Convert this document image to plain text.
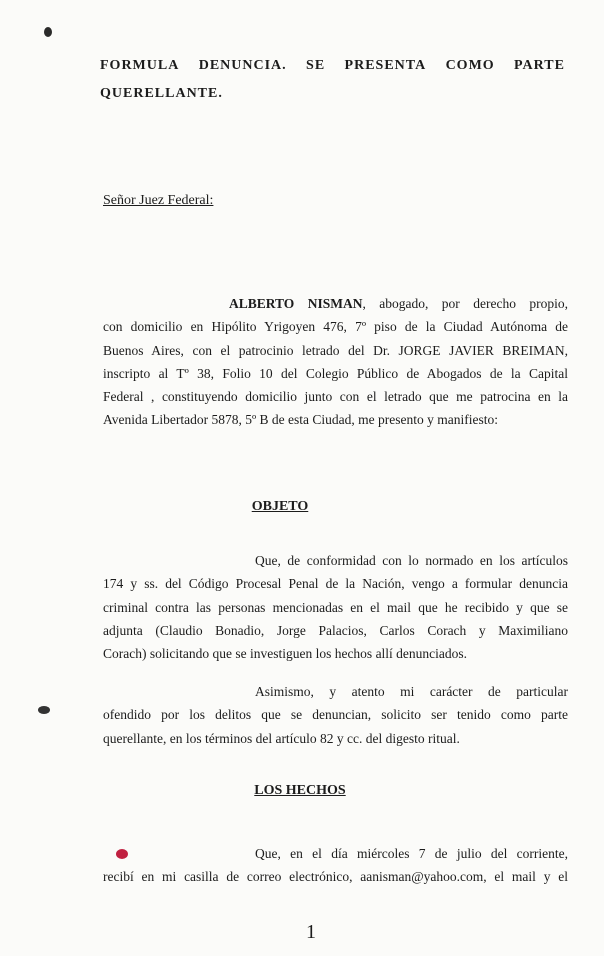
FORMULA DENUNCIA. SE PRESENTA COMO PARTE
QUERELLANTE.
Señor Juez Federal:
ALBERTO NISMAN, abogado, por derecho propio,
con domicilio en Hipólito Yrigoyen 476, 7º piso de la Ciudad Autónoma de
Buenos Aires, con el patrocinio letrado del Dr. JORGE JAVIER BREIMAN,
inscripto al Tº 38, Folio 10 del Colegio Público de Abogados de la Capital
Federal , constituyendo domicilio junto con el letrado que me patrocina en la
Avenida Libertador 5878, 5º B de esta Ciudad, me presento y manifiesto:
OBJETO
Que, de conformidad con lo normado en los artículos
174 y ss. del Código Procesal Penal de la Nación, vengo a formular denuncia
criminal contra las personas mencionadas en el mail que he recibido y que se
adjunta (Claudio Bonadio, Jorge Palacios, Carlos Corach y Maximiliano
Corach) solicitando que se investiguen los hechos allí denunciados.
Asimismo, y atento mi carácter de particular
ofendido por los delitos que se denuncian, solicito ser tenido como parte
querellante, en los términos del artículo 82 y cc. del digesto ritual.
LOS HECHOS
Que, en el día miércoles 7 de julio del corriente,
recibí en mi casilla de correo electrónico, aanisman@yahoo.com, el mail y el
1
